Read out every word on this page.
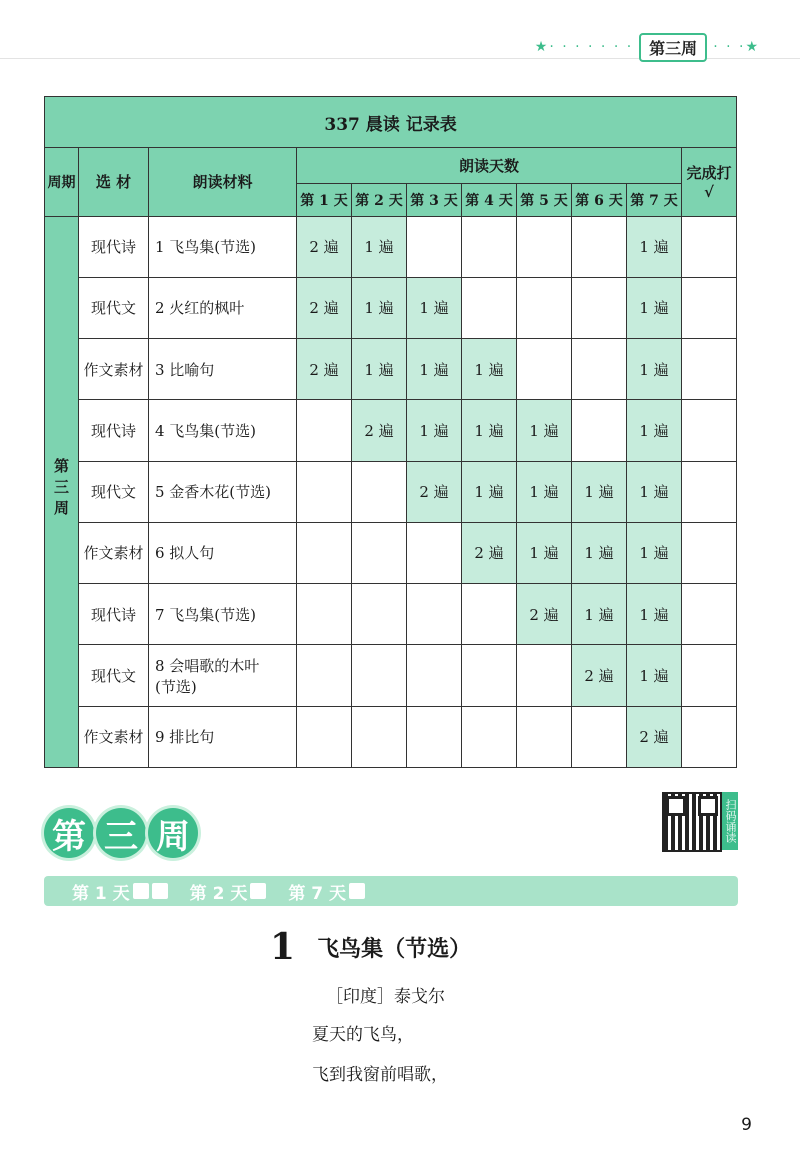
★· · · · · · ·	第三周	· · ·★
337 晨读 记录表										
周期	选 材	朗读材料	朗读天数							完成打√
			第 1 天	第 2 天	第 3 天	第 4 天	第 5 天	第 6 天	第 7 天	
第三周	现代诗	1 飞鸟集(节选)	2 遍	1 遍					1 遍	
	现代文	2 火红的枫叶	2 遍	1 遍	1 遍				1 遍	
	作文素材	3 比喻句	2 遍	1 遍	1 遍	1 遍			1 遍	
	现代诗	4 飞鸟集(节选)		2 遍	1 遍	1 遍	1 遍		1 遍	
	现代文	5 金香木花(节选)			2 遍	1 遍	1 遍	1 遍	1 遍	
	作文素材	6 拟人句				2 遍	1 遍	1 遍	1 遍	
	现代诗	7 飞鸟集(节选)					2 遍	1 遍	1 遍	
	现代文	8 会唱歌的木叶
(节选)						2 遍	1 遍	
	作文素材	9 排比句							2 遍	
第 三 周	扫码诵读
第 1 天	第 2 天 第 7 天
1 飞鸟集（节选）
［印度］泰戈尔
夏天的飞鸟，
飞到我窗前唱歌，
9
